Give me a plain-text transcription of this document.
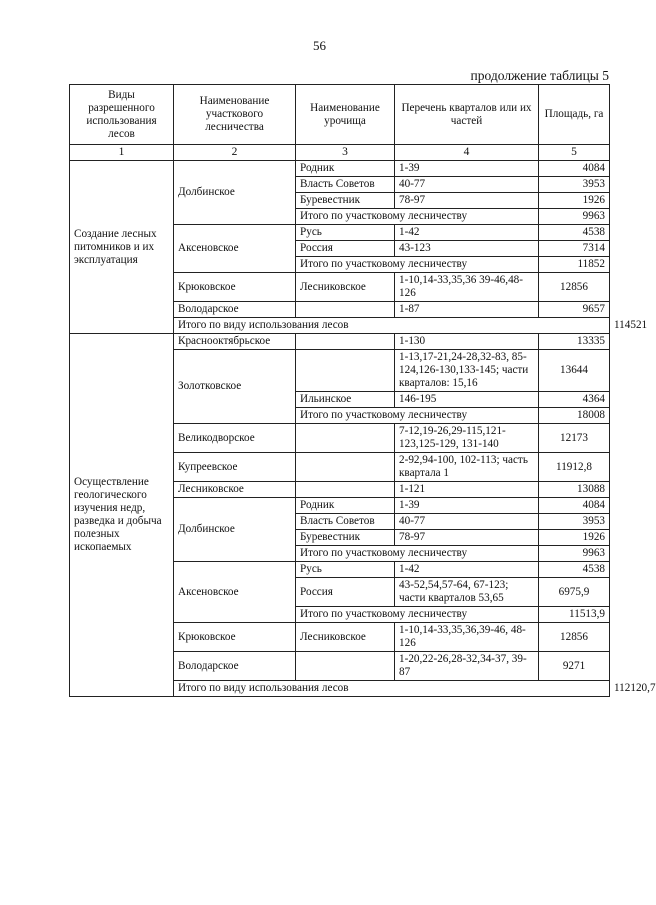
56
продолжение таблицы 5
Виды разрешенного использования лесов	Наименование участкового лесничества	Наименование урочища	Перечень кварталов или их частей	Площадь, га	
1	2	3	4	5	
Создание лесных питомников и их эксплуатация	Долбинское	Родник	1-39	4084	
		Власть Советов	40-77	3953	
		Буревестник	78-97	1926	
		Итого по участковому лесничеству		9963	
	Аксеновское	Русь	1-42	4538	
		Россия	43-123	7314	
		Итого по участковому лесничеству		11852	
	Крюковское	Лесниковское	1-10,14-33,35,36 39-46,48-126	12856	
	Володарское		1-87	9657	
	Итого по виду использования лесов				114521
Осуществление геологического изучения недр, разведка и добыча полезных ископаемых	Краснооктябрьское		1-130	13335	
	Золотковское		1-13,17-21,24-28,32-83, 85-124,126-130,133-145; части кварталов: 15,16	13644	
		Ильинское	146-195	4364	
		Итого по участковому лесничеству		18008	
	Великодворское		7-12,19-26,29-115,121-123,125-129, 131-140	12173	
	Купреевское		2-92,94-100, 102-113; часть квартала 1	11912,8	
	Лесниковское		1-121	13088	
	Долбинское	Родник	1-39	4084	
		Власть Советов	40-77	3953	
		Буревестник	78-97	1926	
		Итого по участковому лесничеству		9963	
	Аксеновское	Русь	1-42	4538	
		Россия	43-52,54,57-64, 67-123; части кварталов 53,65	6975,9	
		Итого по участковому лесничеству		11513,9	
	Крюковское	Лесниковское	1-10,14-33,35,36,39-46, 48-126	12856	
	Володарское		1-20,22-26,28-32,34-37, 39-87	9271	
	Итого по виду использования лесов				112120,7
